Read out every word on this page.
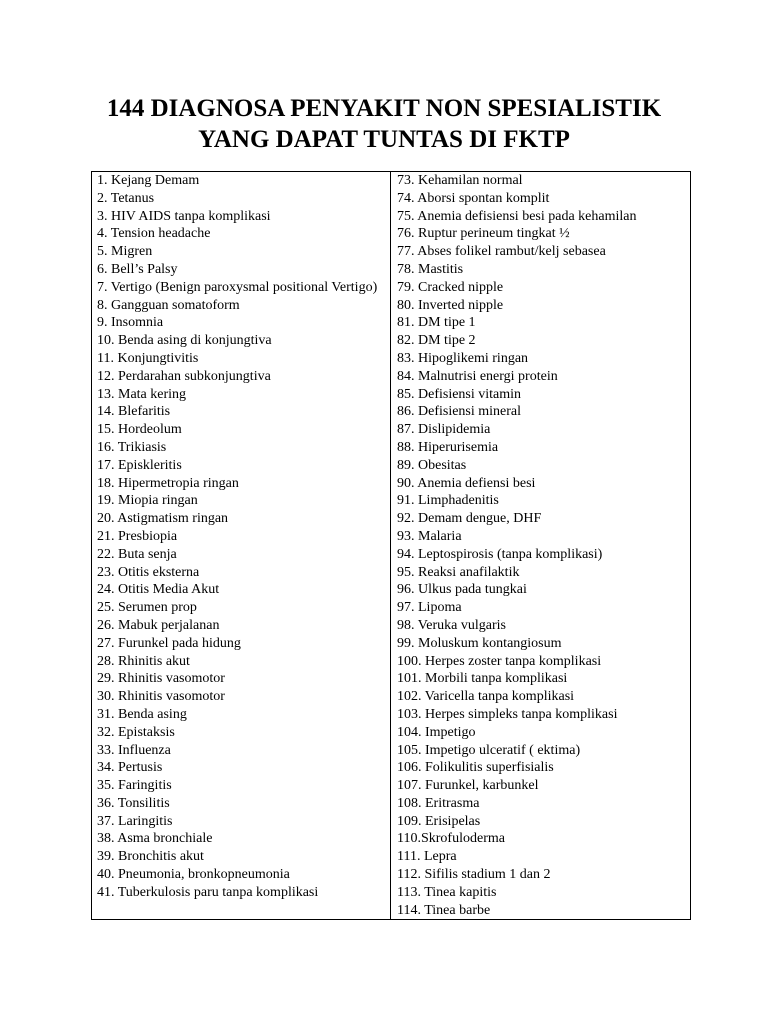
144 DIAGNOSA PENYAKIT NON SPESIALISTIK
YANG DAPAT TUNTAS DI FKTP
1. Kejang Demam
2. Tetanus
3. HIV AIDS tanpa komplikasi
4. Tension headache
5. Migren
6. Bell’s Palsy
7. Vertigo (Benign paroxysmal positional Vertigo)
8. Gangguan somatoform
9. Insomnia
10. Benda asing di konjungtiva
11. Konjungtivitis
12. Perdarahan subkonjungtiva
13. Mata kering
14. Blefaritis
15. Hordeolum
16. Trikiasis
17. Episkleritis
18. Hipermetropia ringan
19. Miopia ringan
20. Astigmatism ringan
21. Presbiopia
22. Buta senja
23. Otitis eksterna
24. Otitis Media Akut
25. Serumen prop
26. Mabuk perjalanan
27. Furunkel pada hidung
28. Rhinitis akut
29. Rhinitis vasomotor
30. Rhinitis vasomotor
31. Benda asing
32. Epistaksis
33. Influenza
34. Pertusis
35. Faringitis
36. Tonsilitis
37. Laringitis
38. Asma bronchiale
39. Bronchitis akut
40. Pneumonia, bronkopneumonia
41. Tuberkulosis paru tanpa komplikasi
73. Kehamilan normal
74. Aborsi spontan komplit
75. Anemia defisiensi besi pada kehamilan
76. Ruptur perineum tingkat ½
77. Abses folikel rambut/kelj sebasea
78. Mastitis
79. Cracked nipple
80. Inverted nipple
81. DM tipe 1
82. DM tipe 2
83. Hipoglikemi ringan
84. Malnutrisi energi protein
85. Defisiensi vitamin
86. Defisiensi mineral
87. Dislipidemia
88. Hiperurisemia
89. Obesitas
90. Anemia defiensi besi
91. Limphadenitis
92. Demam dengue, DHF
93. Malaria
94. Leptospirosis (tanpa komplikasi)
95. Reaksi anafilaktik
96. Ulkus pada tungkai
97. Lipoma
98. Veruka vulgaris
99. Moluskum kontangiosum
100. Herpes zoster tanpa komplikasi
101. Morbili tanpa komplikasi
102. Varicella tanpa komplikasi
103. Herpes simpleks tanpa komplikasi
104. Impetigo
105. Impetigo ulceratif ( ektima)
106. Folikulitis superfisialis
107. Furunkel, karbunkel
108. Eritrasma
109. Erisipelas
110.Skrofuloderma
111. Lepra
112. Sifilis stadium 1 dan 2
113. Tinea kapitis
114. Tinea barbe
